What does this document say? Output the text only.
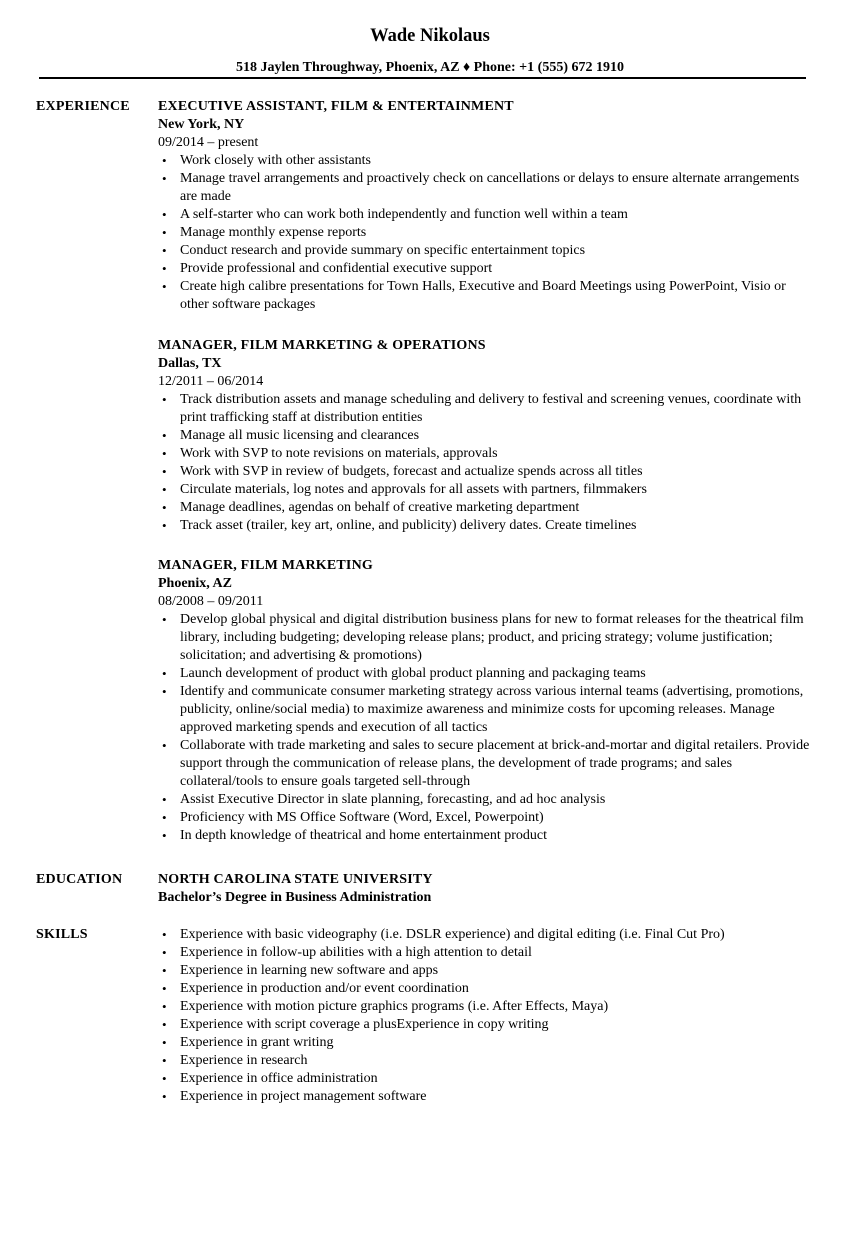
Wade Nikolaus
518 Jaylen Throughway, Phoenix, AZ ♦ Phone: +1 (555) 672 1910
EXPERIENCE EXECUTIVE ASSISTANT, FILM & ENTERTAINMENT
New York, NY
09/2014 – present
• Work closely with other assistants
• Manage travel arrangements and proactively check on cancellations or delays to ensure alternate arrangements are made
• A self-starter who can work both independently and function well within a team
• Manage monthly expense reports
• Conduct research and provide summary on specific entertainment topics
• Provide professional and confidential executive support
• Create high calibre presentations for Town Halls, Executive and Board Meetings using PowerPoint, Visio or other software packages
MANAGER, FILM MARKETING & OPERATIONS
Dallas, TX
12/2011 – 06/2014
• Track distribution assets and manage scheduling and delivery to festival and screening venues, coordinate with print trafficking staff at distribution entities
• Manage all music licensing and clearances
• Work with SVP to note revisions on materials, approvals
• Work with SVP in review of budgets, forecast and actualize spends across all titles
• Circulate materials, log notes and approvals for all assets with partners, filmmakers
• Manage deadlines, agendas on behalf of creative marketing department
• Track asset (trailer, key art, online, and publicity) delivery dates. Create timelines
MANAGER, FILM MARKETING
Phoenix, AZ
08/2008 – 09/2011
• Develop global physical and digital distribution business plans for new to format releases for the theatrical film library, including budgeting; developing release plans; product, and pricing strategy; volume justification; solicitation; and advertising & promotions)
• Launch development of product with global product planning and packaging teams
• Identify and communicate consumer marketing strategy across various internal teams (advertising, promotions, publicity, online/social media) to maximize awareness and minimize costs for upcoming releases. Manage approved marketing spends and execution of all tactics
• Collaborate with trade marketing and sales to secure placement at brick-and-mortar and digital retailers. Provide support through the communication of release plans, the development of trade programs; and sales collateral/tools to ensure goals targeted sell-through
• Assist Executive Director in slate planning, forecasting, and ad hoc analysis
• Proficiency with MS Office Software (Word, Excel, Powerpoint)
• In depth knowledge of theatrical and home entertainment product
EDUCATION	NORTH CAROLINA STATE UNIVERSITY
Bachelor’s Degree in Business Administration
SKILLS	• Experience with basic videography (i.e. DSLR experience) and digital editing (i.e. Final Cut Pro)
• Experience in follow-up abilities with a high attention to detail
• Experience in learning new software and apps
• Experience in production and/or event coordination
• Experience with motion picture graphics programs (i.e. After Effects, Maya)
• Experience with script coverage a plusExperience in copy writing
• Experience in grant writing
• Experience in research
• Experience in office administration
• Experience in project management software
